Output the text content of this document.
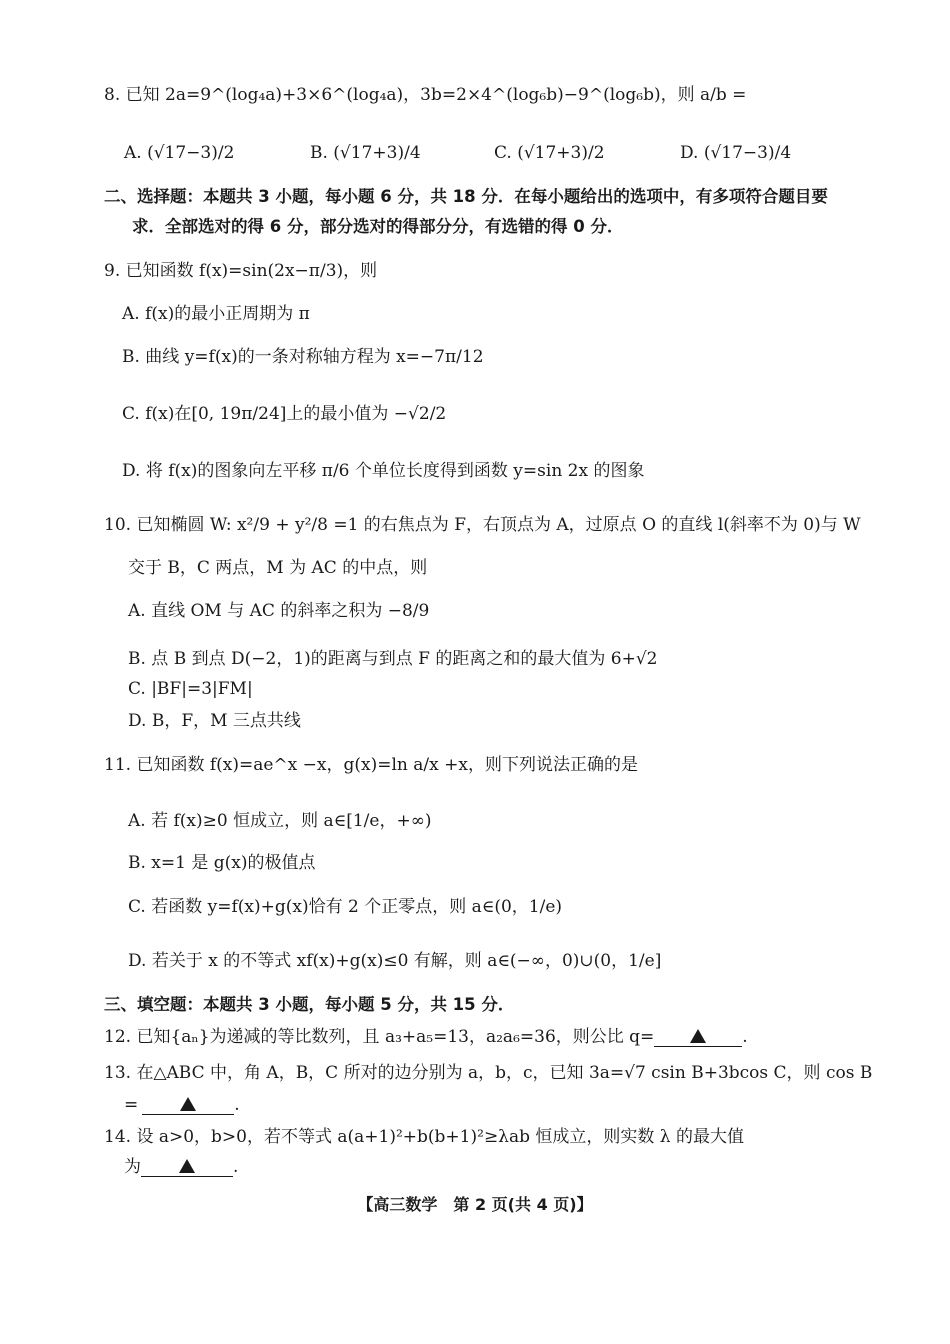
8. 已知 2a=9^(log₄a)+3×6^(log₄a)，3b=2×4^(log₆b)−9^(log₆b)，则 a/b =
A. (√17−3)/2	B. (√17+3)/4	C. (√17+3)/2	D. (√17−3)/4
二、选择题：本题共 3 小题，每小题 6 分，共 18 分．在每小题给出的选项中，有多项符合题目要
求．全部选对的得 6 分，部分选对的得部分分，有选错的得 0 分．
9. 已知函数 f(x)=sin(2x−π/3)，则
A. f(x)的最小正周期为 π
B. 曲线 y=f(x)的一条对称轴方程为 x=−7π/12
C. f(x)在[0, 19π/24]上的最小值为 −√2/2
D. 将 f(x)的图象向左平移 π/6 个单位长度得到函数 y=sin 2x 的图象
10. 已知椭圆 W: x²/9 + y²/8 =1 的右焦点为 F，右顶点为 A，过原点 O 的直线 l(斜率不为 0)与 W
交于 B，C 两点，M 为 AC 的中点，则
A. 直线 OM 与 AC 的斜率之积为 −8/9
B. 点 B 到点 D(−2，1)的距离与到点 F 的距离之和的最大值为 6+√2
C. |BF|=3|FM|
D. B，F，M 三点共线
11. 已知函数 f(x)=ae^x −x，g(x)=ln a/x +x，则下列说法正确的是
A. 若 f(x)≥0 恒成立，则 a∈[1/e，+∞)
B. x=1 是 g(x)的极值点
C. 若函数 y=f(x)+g(x)恰有 2 个正零点，则 a∈(0，1/e)
D. 若关于 x 的不等式 xf(x)+g(x)≤0 有解，则 a∈(−∞，0)∪(0，1/e]
三、填空题：本题共 3 小题，每小题 5 分，共 15 分．
12. 已知{aₙ}为递减的等比数列，且 a₃+a₅=13，a₂a₆=36，则公比 q=	.
13. 在△ABC 中，角 A，B，C 所对的边分别为 a，b，c，已知 3a=√7 csin B+3bcos C，则 cos B
=	.
14. 设 a>0，b>0，若不等式 a(a+1)²+b(b+1)²≥λab 恒成立，则实数 λ 的最大值
为	.
【高三数学　第 2 页(共 4 页)】
